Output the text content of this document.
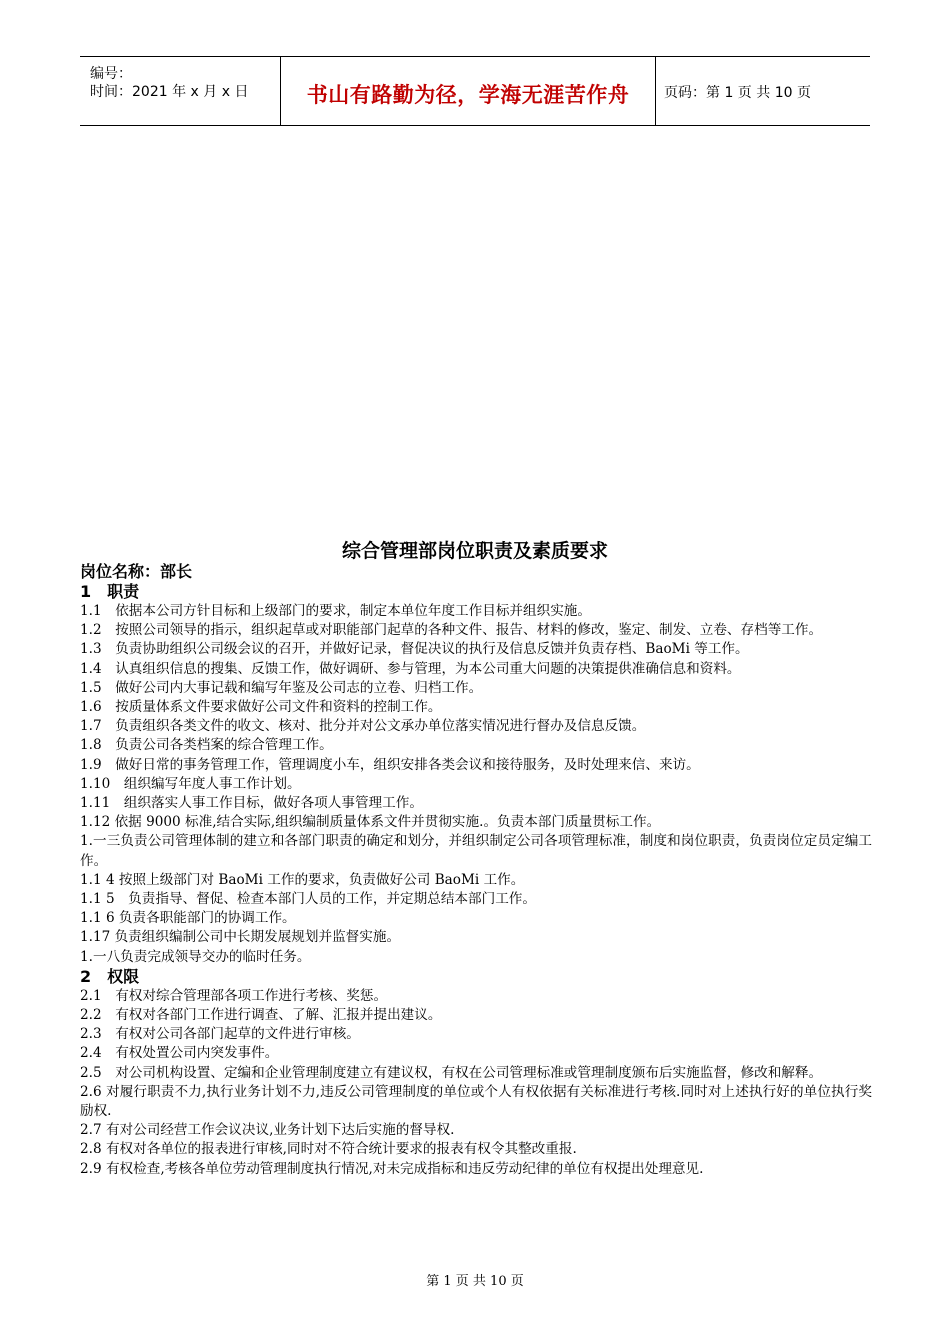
编号：
时间：2021 年 x 月 x 日	书山有路勤为径，学海无涯苦作舟	页码：第 1 页 共 10 页
综合管理部岗位职责及素质要求
岗位名称：部长
1　职责
1.1　依据本公司方针目标和上级部门的要求，制定本单位年度工作目标并组织实施。
1.2　按照公司领导的指示，组织起草或对职能部门起草的各种文件、报告、材料的修改，鉴定、制发、立卷、存档等工作。
1.3　负责协助组织公司级会议的召开，并做好记录，督促决议的执行及信息反馈并负责存档、BaoMi 等工作。
1.4　认真组织信息的搜集、反馈工作，做好调研、参与管理，为本公司重大问题的决策提供准确信息和资料。
1.5　做好公司内大事记载和编写年鉴及公司志的立卷、归档工作。
1.6　按质量体系文件要求做好公司文件和资料的控制工作。
1.7　负责组织各类文件的收文、核对、批分并对公文承办单位落实情况进行督办及信息反馈。
1.8　负责公司各类档案的综合管理工作。
1.9　做好日常的事务管理工作，管理调度小车，组织安排各类会议和接待服务，及时处理来信、来访。
1.10　组织编写年度人事工作计划。
1.11　组织落实人事工作目标，做好各项人事管理工作。
1.12 依据 9000 标准,结合实际,组织编制质量体系文件并贯彻实施.。负责本部门质量贯标工作。
1.一三负责公司管理体制的建立和各部门职责的确定和划分，并组织制定公司各项管理标准，制度和岗位职责，负责岗位定员定编工作。
1.1 4 按照上级部门对 BaoMi 工作的要求，负责做好公司 BaoMi 工作。
1.1 5　负责指导、督促、检查本部门人员的工作，并定期总结本部门工作。
1.1 6 负责各职能部门的协调工作。
1.17 负责组织编制公司中长期发展规划并监督实施。
1.一八负责完成领导交办的临时任务。
2　权限
2.1　有权对综合管理部各项工作进行考核、奖惩。
2.2　有权对各部门工作进行调查、了解、汇报并提出建议。
2.3　有权对公司各部门起草的文件进行审核。
2.4　有权处置公司内突发事件。
2.5　对公司机构设置、定编和企业管理制度建立有建议权，有权在公司管理标准或管理制度颁布后实施监督，修改和解释。
2.6 对履行职责不力,执行业务计划不力,违反公司管理制度的单位或个人有权依据有关标准进行考核.同时对上述执行好的单位执行奖励权.
2.7 有对公司经营工作会议决议,业务计划下达后实施的督导权.
2.8 有权对各单位的报表进行审核,同时对不符合统计要求的报表有权令其整改重报.
2.9 有权检查,考核各单位劳动管理制度执行情况,对未完成指标和违反劳动纪律的单位有权提出处理意见.
第 1 页 共 10 页
